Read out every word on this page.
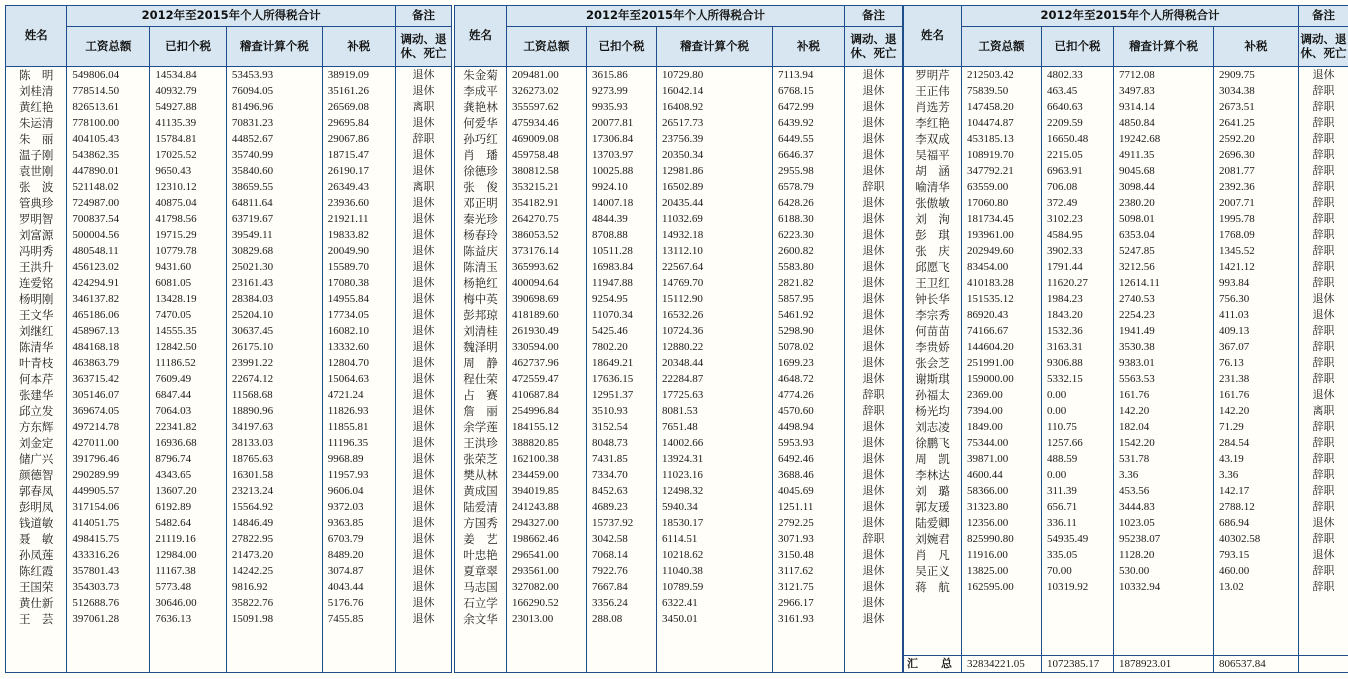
姓名	2012年至2015年个人所得税合计				备注
	工资总额	已扣个税	稽查计算个税	补税	调动、退休、死亡
陈　明	549806.04	14534.84	53453.93	38919.09	退休
刘桂清	778514.50	40932.79	76094.05	35161.26	退休
黄红艳	826513.61	54927.88	81496.96	26569.08	离职
朱运清	778100.00	41135.39	70831.23	29695.84	退休
朱　丽	404105.43	15784.81	44852.67	29067.86	辞职
温子刚	543862.35	17025.52	35740.99	18715.47	退休
袁世刚	447890.01	9650.43	35840.60	26190.17	退休
张　波	521148.02	12310.12	38659.55	26349.43	离职
管典珍	724987.00	40875.04	64811.64	23936.60	退休
罗明智	700837.54	41798.56	63719.67	21921.11	退休
刘富源	500004.56	19715.29	39549.11	19833.82	退休
冯明秀	480548.11	10779.78	30829.68	20049.90	退休
王洪升	456123.02	9431.60	25021.30	15589.70	退休
连爱铭	424294.91	6081.05	23161.43	17080.38	退休
杨明刚	346137.82	13428.19	28384.03	14955.84	退休
王文华	465186.06	7470.05	25204.10	17734.05	退休
刘继红	458967.13	14555.35	30637.45	16082.10	退休
陈清华	484168.18	12842.50	26175.10	13332.60	退休
叶青枝	463863.79	11186.52	23991.22	12804.70	退休
何本芹	363715.42	7609.49	22674.12	15064.63	退休
张建华	305146.07	6847.44	11568.68	4721.24	退休
邱立发	369674.05	7064.03	18890.96	11826.93	退休
方东辉	497214.78	22341.82	34197.63	11855.81	退休
刘金定	427011.00	16936.68	28133.03	11196.35	退休
储广兴	391796.46	8796.74	18765.63	9968.89	退休
颜德智	290289.99	4343.65	16301.58	11957.93	退休
郭春凤	449905.57	13607.20	23213.24	9606.04	退休
彭明凤	317154.06	6192.89	15564.92	9372.03	退休
钱道敏	414051.75	5482.64	14846.49	9363.85	退休
聂　敏	498415.75	21119.16	27822.95	6703.79	退休
孙凤莲	433316.26	12984.00	21473.20	8489.20	退休
陈红霞	357801.43	11167.38	14242.25	3074.87	退休
王国荣	354303.73	5773.48	9816.92	4043.44	退休
黄仕新	512688.76	30646.00	35822.76	5176.76	退休
王　芸	397061.28	7636.13	15091.98	7455.85	退休

姓名	2012年至2015年个人所得税合计				备注
	工资总额	已扣个税	稽查计算个税	补税	调动、退休、死亡
朱金菊	209481.00	3615.86	10729.80	7113.94	退休
李成平	326273.02	9273.99	16042.14	6768.15	退休
龚艳林	355597.62	9935.93	16408.92	6472.99	退休
何爱华	475934.46	20077.81	26517.73	6439.92	退休
孙巧红	469009.08	17306.84	23756.39	6449.55	退休
肖　璠	459758.48	13703.97	20350.34	6646.37	退休
徐德珍	380812.58	10025.88	12981.86	2955.98	退休
张　俊	353215.21	9924.10	16502.89	6578.79	辞职
邓正明	354182.91	14007.18	20435.44	6428.26	退休
秦光珍	264270.75	4844.39	11032.69	6188.30	退休
杨春玲	386053.52	8708.88	14932.18	6223.30	退休
陈益庆	373176.14	10511.28	13112.10	2600.82	退休
陈清玉	365993.62	16983.84	22567.64	5583.80	退休
杨艳红	400094.64	11947.88	14769.70	2821.82	退休
梅中英	390698.69	9254.95	15112.90	5857.95	退休
彭邦琼	418189.60	11070.34	16532.26	5461.92	退休
刘清桂	261930.49	5425.46	10724.36	5298.90	退休
魏泽明	330594.00	7802.20	12880.22	5078.02	退休
周　静	462737.96	18649.21	20348.44	1699.23	退休
程仕荣	472559.47	17636.15	22284.87	4648.72	退休
占　赛	410687.84	12951.37	17725.63	4774.26	辞职
詹　丽	254996.84	3510.93	8081.53	4570.60	辞职
余学莲	184155.12	3152.54	7651.48	4498.94	退休
王洪珍	388820.85	8048.73	14002.66	5953.93	退休
张荣芝	162100.38	7431.85	13924.31	6492.46	退休
樊从林	234459.00	7334.70	11023.16	3688.46	退休
黄成国	394019.85	8452.63	12498.32	4045.69	退休
陆爱清	241243.88	4689.23	5940.34	1251.11	退休
方国秀	294327.00	15737.92	18530.17	2792.25	退休
姜　艺	198662.46	3042.58	6114.51	3071.93	辞职
叶忠艳	296541.00	7068.14	10218.62	3150.48	退休
夏章翠	293561.00	7922.76	11040.38	3117.62	退休
马志国	327082.00	7667.84	10789.59	3121.75	退休
石立学	166290.52	3356.24	6322.41	2966.17	退休
余文华	23013.00	288.08	3450.01	3161.93	退休

姓名	2012年至2015年个人所得税合计				备注
	工资总额	已扣个税	稽查计算个税	补税	调动、退休、死亡
罗明芹	212503.42	4802.33	7712.08	2909.75	退休
王正伟	75839.50	463.45	3497.83	3034.38	辞职
肖选芳	147458.20	6640.63	9314.14	2673.51	辞职
李红艳	104474.87	2209.59	4850.84	2641.25	辞职
李双成	453185.13	16650.48	19242.68	2592.20	辞职
吴福平	108919.70	2215.05	4911.35	2696.30	辞职
胡　涵	347792.21	6963.91	9045.68	2081.77	辞职
喻清华	63559.00	706.08	3098.44	2392.36	辞职
张傲敏	17060.80	372.49	2380.20	2007.71	辞职
刘　洵	181734.45	3102.23	5098.01	1995.78	辞职
彭　琪	193961.00	4584.95	6353.04	1768.09	辞职
张　庆	202949.60	3902.33	5247.85	1345.52	辞职
邱愿飞	83454.00	1791.44	3212.56	1421.12	辞职
王卫红	410183.28	11620.27	12614.11	993.84	辞职
钟长华	151535.12	1984.23	2740.53	756.30	退休
李宗秀	86920.43	1843.20	2254.23	411.03	退休
何苗苗	74166.67	1532.36	1941.49	409.13	辞职
李贵娇	144604.20	3163.31	3530.38	367.07	辞职
张会芝	251991.00	9306.88	9383.01	76.13	辞职
谢斯琪	159000.00	5332.15	5563.53	231.38	辞职
孙福太	2369.00	0.00	161.76	161.76	退休
杨光均	7394.00	0.00	142.20	142.20	离职
刘志凌	1849.00	110.75	182.04	71.29	辞职
徐鹏飞	75344.00	1257.66	1542.20	284.54	辞职
周　凯	39871.00	488.59	531.78	43.19	辞职
李林达	4600.44	0.00	3.36	3.36	辞职
刘　璐	58366.00	311.39	453.56	142.17	辞职
郭友瑗	31323.80	656.71	3444.83	2788.12	辞职
陆爱卿	12356.00	336.11	1023.05	686.94	退休
刘婉君	825990.80	54935.49	95238.07	40302.58	辞职
肖　凡	11916.00	335.05	1128.20	793.15	退休
吴正义	13825.00	70.00	530.00	460.00	辞职
蒋　航	162595.00	10319.92	10332.94	13.02	辞职

汇　总	32834221.05	1072385.17	1878923.01	806537.84	
